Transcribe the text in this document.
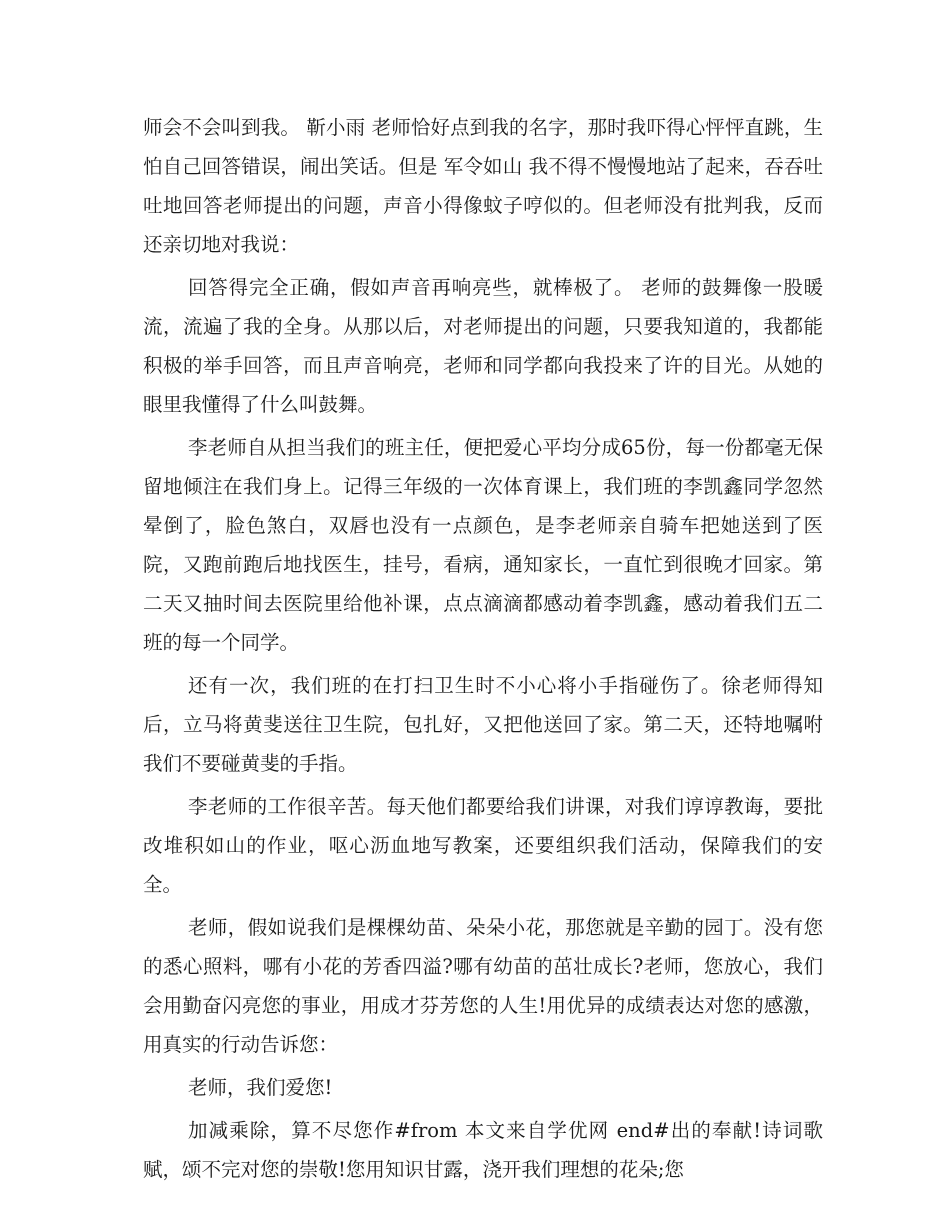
师会不会叫到我。 靳小雨 老师恰好点到我的名字，那时我吓得心怦怦直跳，生怕自己回答错误，闹出笑话。但是 军令如山 我不得不慢慢地站了起来，吞吞吐吐地回答老师提出的问题，声音小得像蚊子哼似的。但老师没有批判我，反而还亲切地对我说：

回答得完全正确，假如声音再响亮些，就棒极了。 老师的鼓舞像一股暖流，流遍了我的全身。从那以后，对老师提出的问题，只要我知道的，我都能积极的举手回答，而且声音响亮，老师和同学都向我投来了许的目光。从她的眼里我懂得了什么叫鼓舞。

李老师自从担当我们的班主任，便把爱心平均分成65份，每一份都毫无保留地倾注在我们身上。记得三年级的一次体育课上，我们班的李凯鑫同学忽然晕倒了，脸色煞白，双唇也没有一点颜色，是李老师亲自骑车把她送到了医院，又跑前跑后地找医生，挂号，看病，通知家长，一直忙到很晚才回家。第二天又抽时间去医院里给他补课，点点滴滴都感动着李凯鑫，感动着我们五二班的每一个同学。

还有一次，我们班的在打扫卫生时不小心将小手指碰伤了。徐老师得知后，立马将黄斐送往卫生院，包扎好，又把他送回了家。第二天，还特地嘱咐我们不要碰黄斐的手指。

李老师的工作很辛苦。每天他们都要给我们讲课，对我们谆谆教诲，要批改堆积如山的作业，呕心沥血地写教案，还要组织我们活动，保障我们的安全。

老师，假如说我们是棵棵幼苗、朵朵小花，那您就是辛勤的园丁。没有您的悉心照料，哪有小花的芳香四溢?哪有幼苗的茁壮成长?老师，您放心，我们会用勤奋闪亮您的事业，用成才芬芳您的人生!用优异的成绩表达对您的感激，用真实的行动告诉您：

老师，我们爱您!

加减乘除，算不尽您作#from 本文来自学优网 end#出的奉献!诗词歌赋，颂不完对您的崇敬!您用知识甘露，浇开我们理想的花朵;您
